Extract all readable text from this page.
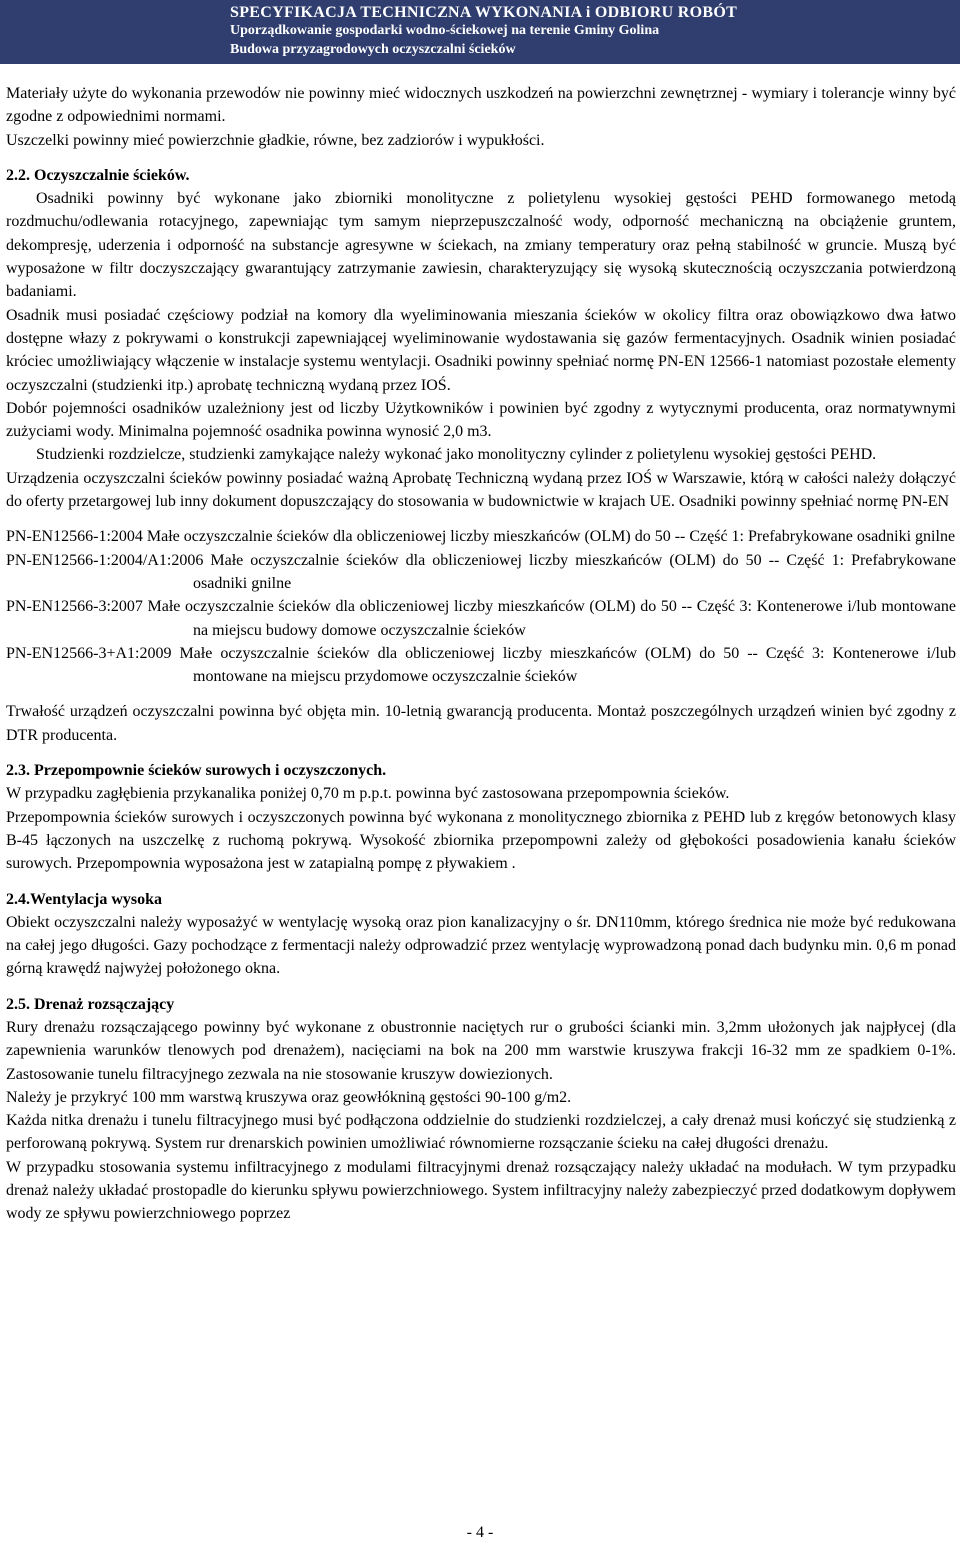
SPECYFIKACJA TECHNICZNA WYKONANIA i ODBIORU ROBÓT
Uporządkowanie gospodarki wodno-ściekowej na terenie Gminy Golina
Budowa przyzagrodowych oczyszczalni ścieków

Materiały użyte do wykonania przewodów nie powinny mieć widocznych uszkodzeń na powierzchni zewnętrznej - wymiary i tolerancje winny być zgodne z odpowiednimi normami.

Uszczelki powinny mieć powierzchnie gładkie, równe, bez zadziorów i wypukłości.

2.2. Oczyszczalnie ścieków.

Osadniki powinny być wykonane jako zbiorniki monolityczne z polietylenu wysokiej gęstości PEHD formowanego metodą rozdmuchu/odlewania rotacyjnego, zapewniając tym samym nieprzepuszczalność wody, odporność mechaniczną na obciążenie gruntem, dekompresję, uderzenia i odporność na substancje agresywne w ściekach, na zmiany temperatury oraz pełną stabilność w gruncie. Muszą być wyposażone w filtr doczyszczający gwarantujący zatrzymanie zawiesin, charakteryzujący się wysoką skutecznością oczyszczania potwierdzoną badaniami.

Osadnik musi posiadać częściowy podział na komory dla wyeliminowania mieszania ścieków w okolicy filtra oraz obowiązkowo dwa łatwo dostępne włazy z pokrywami o konstrukcji zapewniającej wyeliminowanie wydostawania się gazów fermentacyjnych. Osadnik winien posiadać króciec umożliwiający włączenie w instalacje systemu wentylacji. Osadniki powinny spełniać normę PN-EN 12566-1 natomiast pozostałe elementy oczyszczalni (studzienki itp.) aprobatę techniczną wydaną przez IOŚ.

Dobór pojemności osadników uzależniony jest od liczby Użytkowników i powinien być zgodny z wytycznymi producenta, oraz normatywnymi zużyciami wody. Minimalna pojemność osadnika powinna wynosić 2,0 m3.

Studzienki rozdzielcze, studzienki zamykające należy wykonać jako monolityczny cylinder z polietylenu wysokiej gęstości PEHD.

Urządzenia oczyszczalni ścieków powinny posiadać ważną Aprobatę Techniczną wydaną przez IOŚ w Warszawie, którą w całości należy dołączyć do oferty przetargowej lub inny dokument dopuszczający do stosowania w budownictwie w krajach UE. Osadniki powinny spełniać normę PN-EN

PN-EN12566-1:2004 Małe oczyszczalnie ścieków dla obliczeniowej liczby mieszkańców (OLM) do 50 -- Część 1: Prefabrykowane osadniki gnilne

PN-EN12566-1:2004/A1:2006 Małe oczyszczalnie ścieków dla obliczeniowej liczby mieszkańców (OLM) do 50 -- Część 1: Prefabrykowane osadniki gnilne

PN-EN12566-3:2007 Małe oczyszczalnie ścieków dla obliczeniowej liczby mieszkańców (OLM) do 50 -- Część 3: Kontenerowe i/lub montowane na miejscu budowy domowe oczyszczalnie ścieków

PN-EN12566-3+A1:2009 Małe oczyszczalnie ścieków dla obliczeniowej liczby mieszkańców (OLM) do 50 -- Część 3: Kontenerowe i/lub montowane na miejscu przydomowe oczyszczalnie ścieków

Trwałość urządzeń oczyszczalni powinna być objęta min. 10-letnią gwarancją producenta. Montaż poszczególnych urządzeń winien być zgodny z DTR producenta.

2.3. Przepompownie ścieków surowych i oczyszczonych.

W przypadku zagłębienia przykanalika poniżej 0,70 m p.p.t. powinna być zastosowana przepompownia ścieków.

Przepompownia ścieków surowych i oczyszczonych powinna być wykonana z monolitycznego zbiornika z PEHD lub z kręgów betonowych klasy B-45 łączonych na uszczelkę z ruchomą pokrywą. Wysokość zbiornika przepompowni zależy od głębokości posadowienia kanału ścieków surowych. Przepompownia wyposażona jest w zatapialną pompę z pływakiem .

2.4.Wentylacja wysoka

Obiekt oczyszczalni należy wyposażyć w wentylację wysoką oraz pion kanalizacyjny o śr. DN110mm, którego średnica nie może być redukowana na całej jego długości. Gazy pochodzące z fermentacji należy odprowadzić przez wentylację wyprowadzoną ponad dach budynku min. 0,6 m ponad górną krawędź najwyżej położonego okna.

2.5. Drenaż rozsączający

Rury drenażu rozsączającego powinny być wykonane z obustronnie naciętych rur o grubości ścianki min. 3,2mm ułożonych jak najpłycej (dla zapewnienia warunków tlenowych pod drenażem), nacięciami na bok na 200 mm warstwie kruszywa frakcji 16-32 mm ze spadkiem 0-1%. Zastosowanie tunelu filtracyjnego zezwala na nie stosowanie kruszyw dowiezionych.

Należy je przykryć 100 mm warstwą kruszywa oraz geowłókniną gęstości 90-100 g/m2.

Każda nitka drenażu i tunelu filtracyjnego musi być podłączona oddzielnie do studzienki rozdzielczej, a cały drenaż musi kończyć się studzienką z perforowaną pokrywą. System rur drenarskich powinien umożliwiać równomierne rozsączanie ścieku na całej długości drenażu.

W przypadku stosowania systemu infiltracyjnego z modulami filtracyjnymi drenaż rozsączający należy układać na modułach. W tym przypadku drenaż należy układać prostopadle do kierunku spływu powierzchniowego. System infiltracyjny należy zabezpieczyć przed dodatkowym dopływem wody ze spływu powierzchniowego poprzez

- 4 -
